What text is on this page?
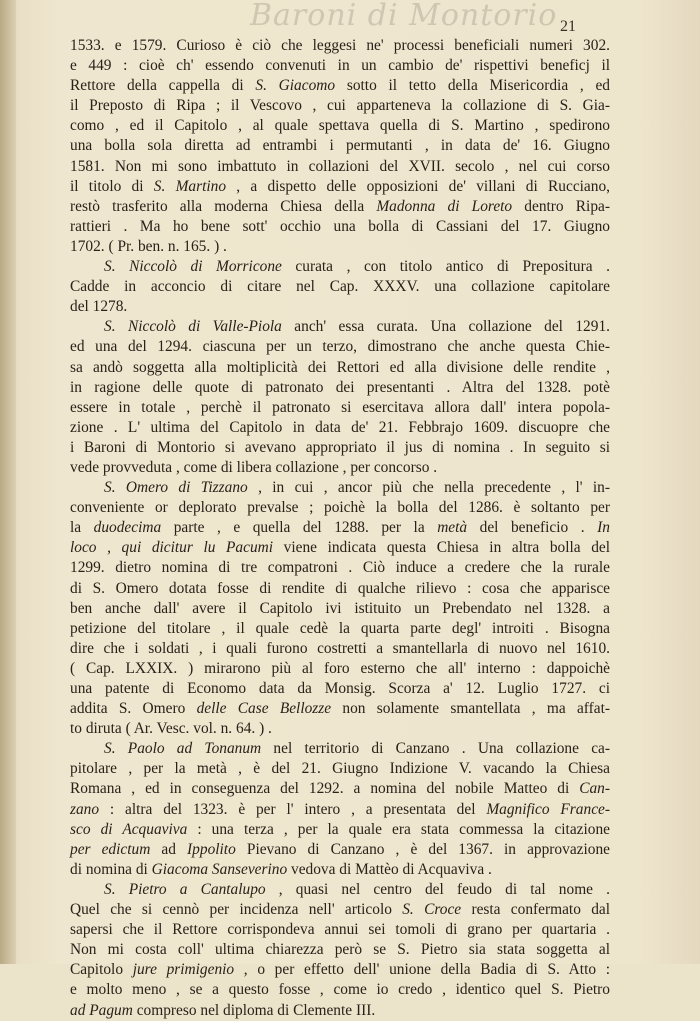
Baroni di Montorio 21
1533. e 1579. Curioso è ciò che leggesi ne' processi beneficiali numeri 302.
e 449 : cioè ch' essendo convenuti in un cambio de' rispettivi beneficj il
Rettore della cappella di S. Giacomo sotto il tetto della Misericordia , ed
il Preposto di Ripa ; il Vescovo , cui apparteneva la collazione di S. Gia-
como , ed il Capitolo , al quale spettava quella di S. Martino , spedirono
una bolla sola diretta ad entrambi i permutanti , in data de' 16. Giugno
1581. Non mi sono imbattuto in collazioni del XVII. secolo , nel cui corso
il titolo di S. Martino , a dispetto delle opposizioni de' villani di Rucciano,
restò trasferito alla moderna Chiesa della Madonna di Loreto dentro Ripa-
rattieri . Ma ho bene sott' occhio una bolla di Cassiani del 17. Giugno
1702. ( Pr. ben. n. 165. ) .
S. Niccolò di Morricone curata , con titolo antico di Prepositura .
Cadde in acconcio di citare nel Cap. XXXV. una collazione capitolare
del 1278.
S. Niccolò di Valle-Piola anch' essa curata. Una collazione del 1291.
ed una del 1294. ciascuna per un terzo, dimostrano che anche questa Chie-
sa andò soggetta alla moltiplicità dei Rettori ed alla divisione delle rendite ,
in ragione delle quote di patronato dei presentanti . Altra del 1328. potè
essere in totale , perchè il patronato si esercitava allora dall' intera popola-
zione . L' ultima del Capitolo in data de' 21. Febbrajo 1609. discuopre che
i Baroni di Montorio si avevano appropriato il jus di nomina . In seguito si
vede provveduta , come di libera collazione , per concorso .
S. Omero di Tizzano , in cui , ancor più che nella precedente , l' in-
conveniente or deplorato prevalse ; poichè la bolla del 1286. è soltanto per
la duodecima parte , e quella del 1288. per la metà del beneficio . In
loco , qui dicitur lu Pacumi viene indicata questa Chiesa in altra bolla del
1299. dietro nomina di tre compatroni . Ciò induce a credere che la rurale
di S. Omero dotata fosse di rendite di qualche rilievo : cosa che apparisce
ben anche dall' avere il Capitolo ivi istituito un Prebendato nel 1328. a
petizione del titolare , il quale cedè la quarta parte degl' introiti . Bisogna
dire che i soldati , i quali furono costretti a smantellarla di nuovo nel 1610.
( Cap. LXXIX. ) mirarono più al foro esterno che all' interno : dappoichè
una patente di Economo data da Monsig. Scorza a' 12. Luglio 1727. ci
addita S. Omero delle Case Bellozze non solamente smantellata , ma affat-
to diruta ( Ar. Vesc. vol. n. 64. ) .
S. Paolo ad Tonanum nel territorio di Canzano . Una collazione ca-
pitolare , per la metà , è del 21. Giugno Indizione V. vacando la Chiesa
Romana , ed in conseguenza del 1292. a nomina del nobile Matteo di Can-
zano : altra del 1323. è per l' intero , a presentata del Magnifico France-
sco di Acquaviva : una terza , per la quale era stata commessa la citazione
per edictum ad Ippolito Pievano di Canzano , è del 1367. in approvazione
di nomina di Giacoma Sanseverino vedova di Mattèo di Acquaviva .
S. Pietro a Cantalupo , quasi nel centro del feudo di tal nome .
Quel che si cennò per incidenza nell' articolo S. Croce resta confermato dal
sapersi che il Rettore corrispondeva annui sei tomoli di grano per quartaria .
Non mi costa coll' ultima chiarezza però se S. Pietro sia stata soggetta al
Capitolo jure primigenio , o per effetto dell' unione della Badia di S. Atto :
e molto meno , se a questo fosse , come io credo , identico quel S. Pietro
ad Pagum compreso nel diploma di Clemente III.
